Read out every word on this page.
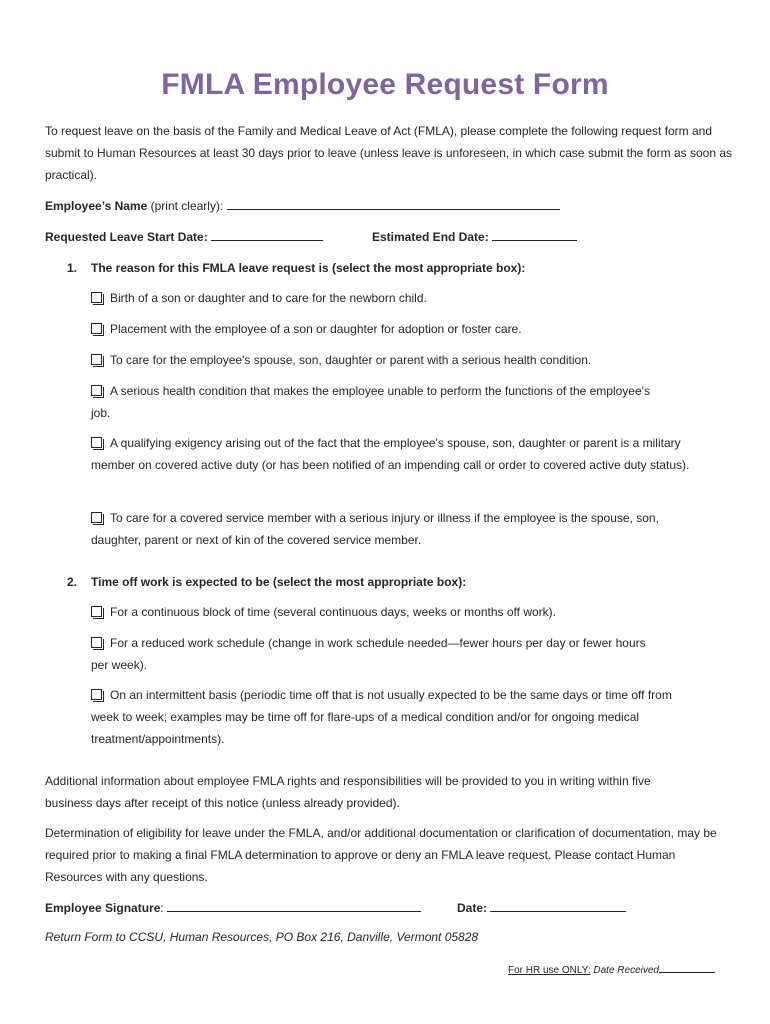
FMLA Employee Request Form
To request leave on the basis of the Family and Medical Leave of Act (FMLA), please complete the following request form and submit to Human Resources at least 30 days prior to leave (unless leave is unforeseen, in which case submit the form as soon as practical).
Employee’s Name (print clearly):
Requested Leave Start Date:	Estimated End Date:
1. The reason for this FMLA leave request is (select the most appropriate box):
Birth of a son or daughter and to care for the newborn child.
Placement with the employee of a son or daughter for adoption or foster care.
To care for the employee's spouse, son, daughter or parent with a serious health condition.
A serious health condition that makes the employee unable to perform the functions of the employee's job.
A qualifying exigency arising out of the fact that the employee's spouse, son, daughter or parent is a military member on covered active duty (or has been notified of an impending call or order to covered active duty status).
To care for a covered service member with a serious injury or illness if the employee is the spouse, son, daughter, parent or next of kin of the covered service member.
2. Time off work is expected to be (select the most appropriate box):
For a continuous block of time (several continuous days, weeks or months off work).
For a reduced work schedule (change in work schedule needed—fewer hours per day or fewer hours per week).
On an intermittent basis (periodic time off that is not usually expected to be the same days or time off from week to week; examples may be time off for flare-ups of a medical condition and/or for ongoing medical treatment/appointments).
Additional information about employee FMLA rights and responsibilities will be provided to you in writing within five business days after receipt of this notice (unless already provided).
Determination of eligibility for leave under the FMLA, and/or additional documentation or clarification of documentation, may be required prior to making a final FMLA determination to approve or deny an FMLA leave request. Please contact Human Resources with any questions.
Employee Signature:	Date:
Return Form to CCSU, Human Resources, PO Box 216, Danville, Vermont 05828
For HR use ONLY: Date Received
